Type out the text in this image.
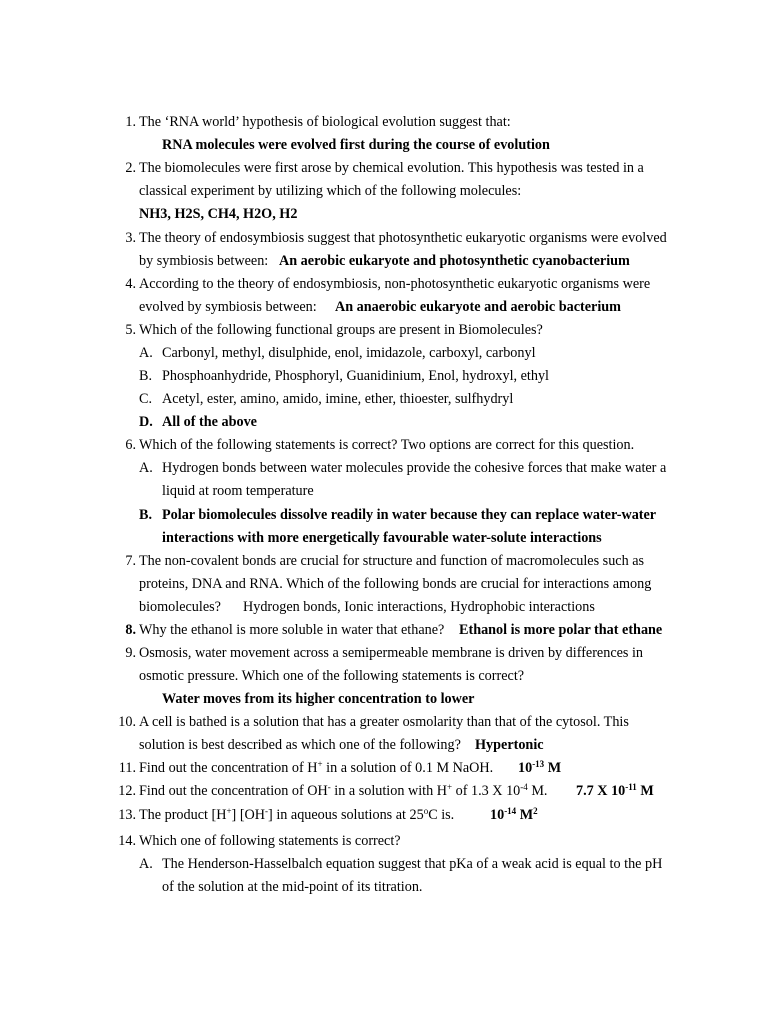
1. The ‘RNA world’ hypothesis of biological evolution suggest that:
RNA molecules were evolved first during the course of evolution
2. The biomolecules were first arose by chemical evolution. This hypothesis was tested in a
classical experiment by utilizing which of the following molecules:
NH3, H2S, CH4, H2O, H2
3. The theory of endosymbiosis suggest that photosynthetic eukaryotic organisms were evolved
by symbiosis between: An aerobic eukaryote and photosynthetic cyanobacterium
4. According to the theory of endosymbiosis, non-photosynthetic eukaryotic organisms were
evolved by symbiosis between: An anaerobic eukaryote and aerobic bacterium
5. Which of the following functional groups are present in Biomolecules?
A. Carbonyl, methyl, disulphide, enol, imidazole, carboxyl, carbonyl
B. Phosphoanhydride, Phosphoryl, Guanidinium, Enol, hydroxyl, ethyl
C. Acetyl, ester, amino, amido, imine, ether, thioester, sulfhydryl
D. All of the above
6. Which of the following statements is correct? Two options are correct for this question.
A. Hydrogen bonds between water molecules provide the cohesive forces that make water a
liquid at room temperature
B. Polar biomolecules dissolve readily in water because they can replace water-water
interactions with more energetically favourable water-solute interactions
7. The non-covalent bonds are crucial for structure and function of macromolecules such as
proteins, DNA and RNA. Which of the following bonds are crucial for interactions among
biomolecules? Hydrogen bonds, Ionic interactions, Hydrophobic interactions
8. Why the ethanol is more soluble in water that ethane? Ethanol is more polar that ethane
9. Osmosis, water movement across a semipermeable membrane is driven by differences in
osmotic pressure. Which one of the following statements is correct?
Water moves from its higher concentration to lower
10. A cell is bathed is a solution that has a greater osmolarity than that of the cytosol. This
solution is best described as which one of the following? Hypertonic
11. Find out the concentration of H+ in a solution of 0.1 M NaOH. $10^{-13}$ M
12. Find out the concentration of OH- in a solution with H+ of 1.3 X $10^{-4}$ M. 7.7 X $10^{-11}$ M
13. The product [H+] [OH-] in aqueous solutions at 25$^o$C is.	$10^{-14}$ $M^2$
14. Which one of following statements is correct?
A. The Henderson-Hasselbalch equation suggest that pKa of a weak acid is equal to the pH
of the solution at the mid-point of its titration.
